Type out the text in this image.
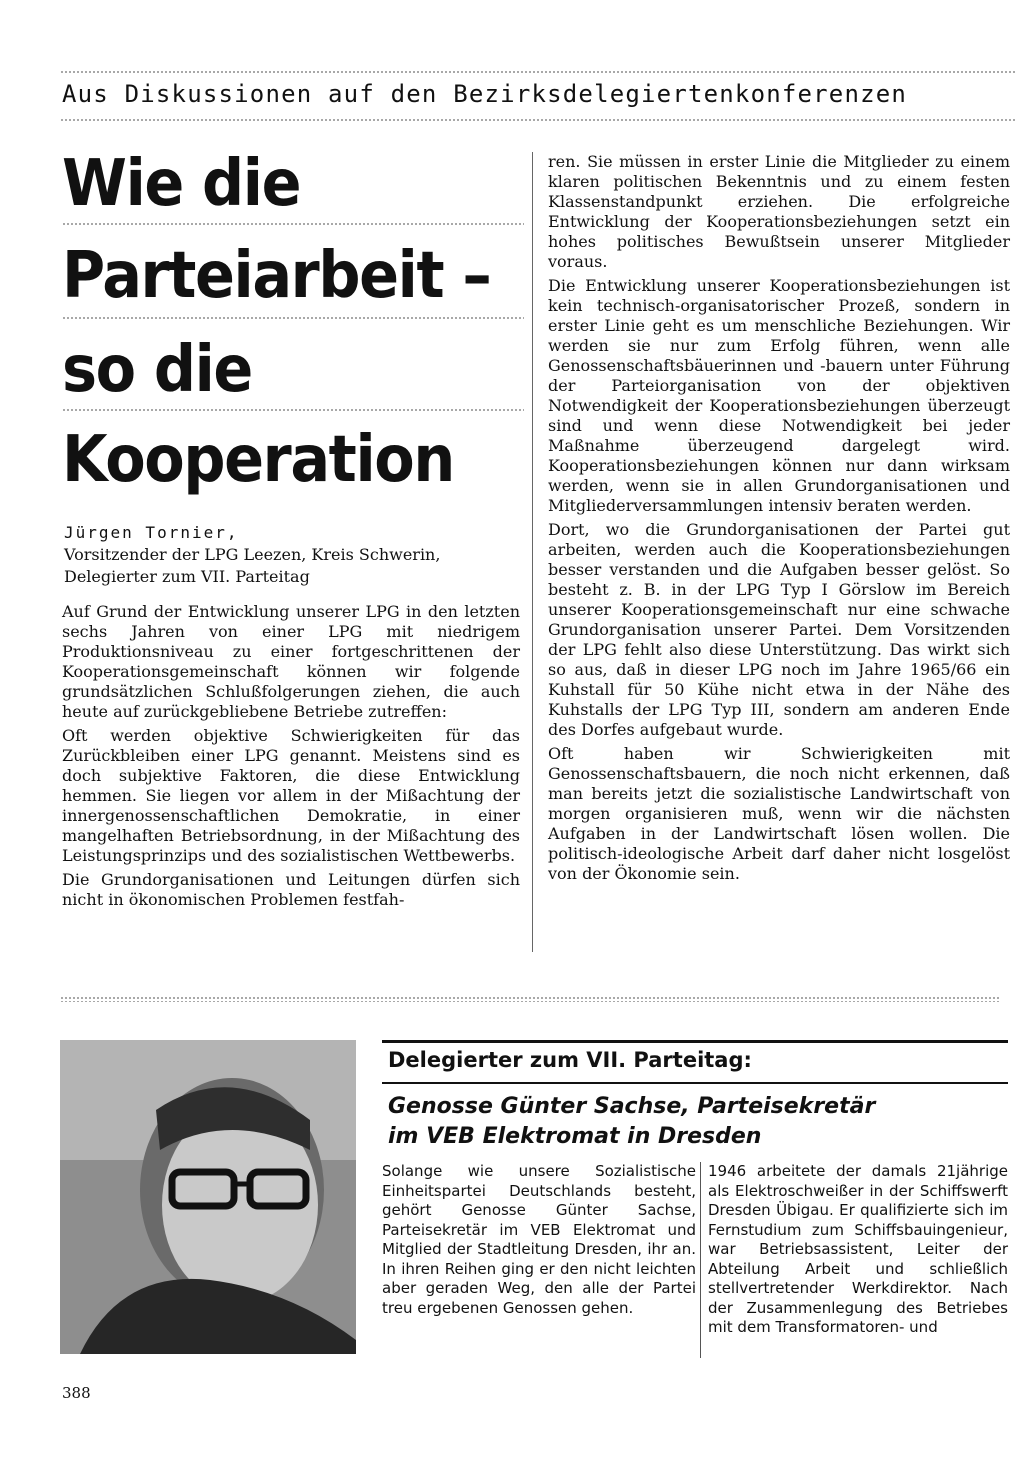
Aus Diskussionen auf den Bezirksdelegiertenkonferenzen
Wie die
Parteiarbeit –
so die
Kooperation
Jürgen Tornier,
Vorsitzender der LPG Leezen, Kreis Schwerin,
Delegierter zum VII. Parteitag

Auf Grund der Entwicklung unserer LPG in den letzten sechs Jahren von einer LPG mit niedrigem Produktionsniveau zu einer fortgeschrittenen der Kooperationsgemeinschaft können wir folgende grundsätzlichen Schlußfolgerungen ziehen, die auch heute auf zurückgebliebene Betriebe zutreffen:

Oft werden objektive Schwierigkeiten für das Zurückbleiben einer LPG genannt. Meistens sind es doch subjektive Faktoren, die diese Entwicklung hemmen. Sie liegen vor allem in der Mißachtung der innergenossenschaftlichen Demokratie, in einer mangelhaften Betriebsordnung, in der Mißachtung des Leistungsprinzips und des sozialistischen Wettbewerbs.

Die Grundorganisationen und Leitungen dürfen sich nicht in ökonomischen Problemen festfah-

ren. Sie müssen in erster Linie die Mitglieder zu einem klaren politischen Bekenntnis und zu einem festen Klassenstandpunkt erziehen. Die erfolgreiche Entwicklung der Kooperationsbeziehungen setzt ein hohes politisches Bewußtsein unserer Mitglieder voraus.

Die Entwicklung unserer Kooperationsbeziehungen ist kein technisch-organisatorischer Prozeß, sondern in erster Linie geht es um menschliche Beziehungen. Wir werden sie nur zum Erfolg führen, wenn alle Genossenschaftsbäuerinnen und -bauern unter Führung der Parteiorganisation von der objektiven Notwendigkeit der Kooperationsbeziehungen überzeugt sind und wenn diese Notwendigkeit bei jeder Maßnahme überzeugend dargelegt wird. Kooperationsbeziehungen können nur dann wirksam werden, wenn sie in allen Grundorganisationen und Mitgliederversammlungen intensiv beraten werden.

Dort, wo die Grundorganisationen der Partei gut arbeiten, werden auch die Kooperationsbeziehungen besser verstanden und die Aufgaben besser gelöst. So besteht z. B. in der LPG Typ I Görslow im Bereich unserer Kooperationsgemeinschaft nur eine schwache Grundorganisation unserer Partei. Dem Vorsitzenden der LPG fehlt also diese Unterstützung. Das wirkt sich so aus, daß in dieser LPG noch im Jahre 1965/66 ein Kuhstall für 50 Kühe nicht etwa in der Nähe des Kuhstalls der LPG Typ III, sondern am anderen Ende des Dorfes aufgebaut wurde.

Oft haben wir Schwierigkeiten mit Genossenschaftsbauern, die noch nicht erkennen, daß man bereits jetzt die sozialistische Landwirtschaft von morgen organisieren muß, wenn wir die nächsten Aufgaben in der Landwirtschaft lösen wollen. Die politisch-ideologische Arbeit darf daher nicht losgelöst von der Ökonomie sein.

Delegierter zum VII. Parteitag:
Genosse Günter Sachse, Parteisekretär
im VEB Elektromat in Dresden
Solange wie unsere Sozialistische Einheitspartei Deutschlands besteht, gehört Genosse Günter Sachse, Parteisekretär im VEB Elektromat und Mitglied der Stadtleitung Dresden, ihr an. In ihren Reihen ging er den nicht leichten aber geraden Weg, den alle der Partei treu ergebenen Genossen gehen.
1946 arbeitete der damals 21jährige als Elektroschweißer in der Schiffswerft Dresden Übigau. Er qualifizierte sich im Fernstudium zum Schiffsbauingenieur, war Betriebsassistent, Leiter der Abteilung Arbeit und schließlich stellvertretender Werkdirektor. Nach der Zusammenlegung des Betriebes mit dem Transformatoren- und
388
